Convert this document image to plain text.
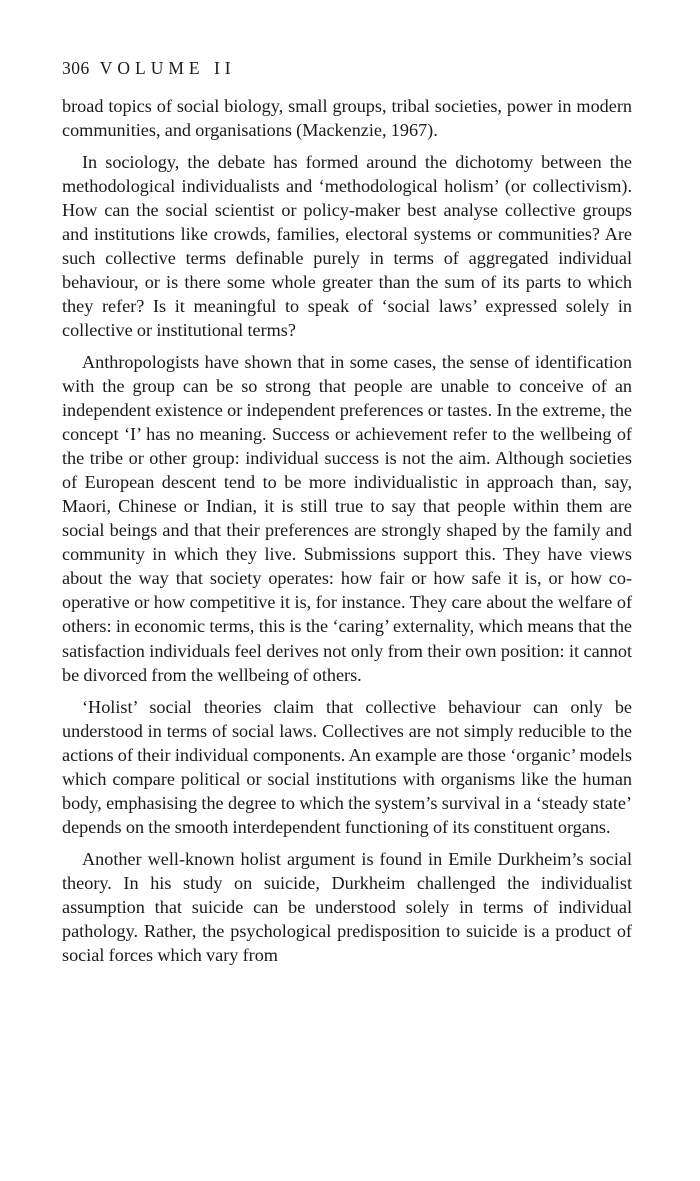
306 VOLUME II

broad topics of social biology, small groups, tribal societies, power in modern communities, and organisations (Mackenzie, 1967).

In sociology, the debate has formed around the dichotomy between the methodological individualists and ‘methodological holism’ (or collectivism). How can the social scientist or policy-maker best analyse collective groups and institutions like crowds, families, electoral systems or communities? Are such collective terms definable purely in terms of aggregated individual behaviour, or is there some whole greater than the sum of its parts to which they refer? Is it meaningful to speak of ‘social laws’ expressed solely in collective or institutional terms?

Anthropologists have shown that in some cases, the sense of identification with the group can be so strong that people are unable to conceive of an independent existence or independent preferences or tastes. In the extreme, the concept ‘I’ has no meaning. Success or achievement refer to the wellbeing of the tribe or other group: individual success is not the aim. Although societies of European descent tend to be more individualistic in approach than, say, Maori, Chinese or Indian, it is still true to say that people within them are social beings and that their preferences are strongly shaped by the family and community in which they live. Submissions support this. They have views about the way that society operates: how fair or how safe it is, or how co-operative or how competitive it is, for instance. They care about the welfare of others: in economic terms, this is the ‘caring’ externality, which means that the satisfaction individuals feel derives not only from their own position: it cannot be divorced from the wellbeing of others.

‘Holist’ social theories claim that collective behaviour can only be understood in terms of social laws. Collectives are not simply reducible to the actions of their individual components. An example are those ‘organic’ models which compare political or social institutions with organisms like the human body, emphasising the degree to which the system’s survival in a ‘steady state’ depends on the smooth interdependent functioning of its constituent organs.

Another well-known holist argument is found in Emile Durkheim’s social theory. In his study on suicide, Durkheim challenged the individualist assumption that suicide can be understood solely in terms of individual pathology. Rather, the psychological predisposition to suicide is a product of social forces which vary from
